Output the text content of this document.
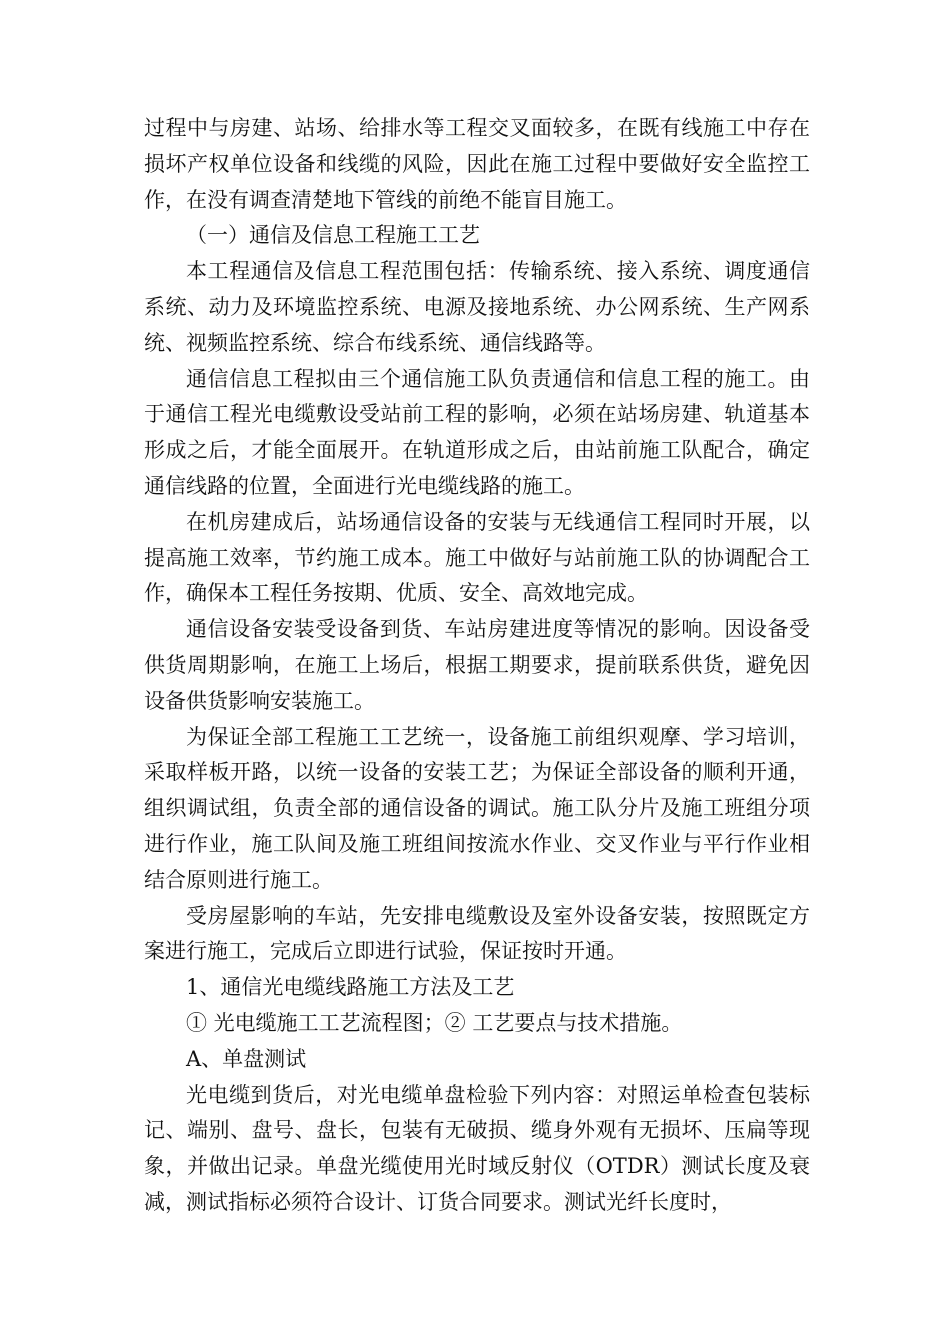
过程中与房建、站场、给排水等工程交叉面较多，在既有线施工中存在损坏产权单位设备和线缆的风险，因此在施工过程中要做好安全监控工作，在没有调查清楚地下管线的前绝不能盲目施工。

（一）通信及信息工程施工工艺

本工程通信及信息工程范围包括：传输系统、接入系统、调度通信系统、动力及环境监控系统、电源及接地系统、办公网系统、生产网系统、视频监控系统、综合布线系统、通信线路等。

通信信息工程拟由三个通信施工队负责通信和信息工程的施工。由于通信工程光电缆敷设受站前工程的影响，必须在站场房建、轨道基本形成之后，才能全面展开。在轨道形成之后，由站前施工队配合，确定通信线路的位置，全面进行光电缆线路的施工。

在机房建成后，站场通信设备的安装与无线通信工程同时开展，以提高施工效率，节约施工成本。施工中做好与站前施工队的协调配合工作，确保本工程任务按期、优质、安全、高效地完成。

通信设备安装受设备到货、车站房建进度等情况的影响。因设备受供货周期影响，在施工上场后，根据工期要求，提前联系供货，避免因设备供货影响安装施工。

为保证全部工程施工工艺统一，设备施工前组织观摩、学习培训，采取样板开路，以统一设备的安装工艺；为保证全部设备的顺利开通，组织调试组，负责全部的通信设备的调试。施工队分片及施工班组分项进行作业，施工队间及施工班组间按流水作业、交叉作业与平行作业相结合原则进行施工。

受房屋影响的车站，先安排电缆敷设及室外设备安装，按照既定方案进行施工，完成后立即进行试验，保证按时开通。

1、通信光电缆线路施工方法及工艺

① 光电缆施工工艺流程图；② 工艺要点与技术措施。

A、单盘测试

光电缆到货后，对光电缆单盘检验下列内容：对照运单检查包装标记、端别、盘号、盘长，包装有无破损、缆身外观有无损坏、压扁等现象，并做出记录。单盘光缆使用光时域反射仪（OTDR）测试长度及衰减，测试指标必须符合设计、订货合同要求。测试光纤长度时，
